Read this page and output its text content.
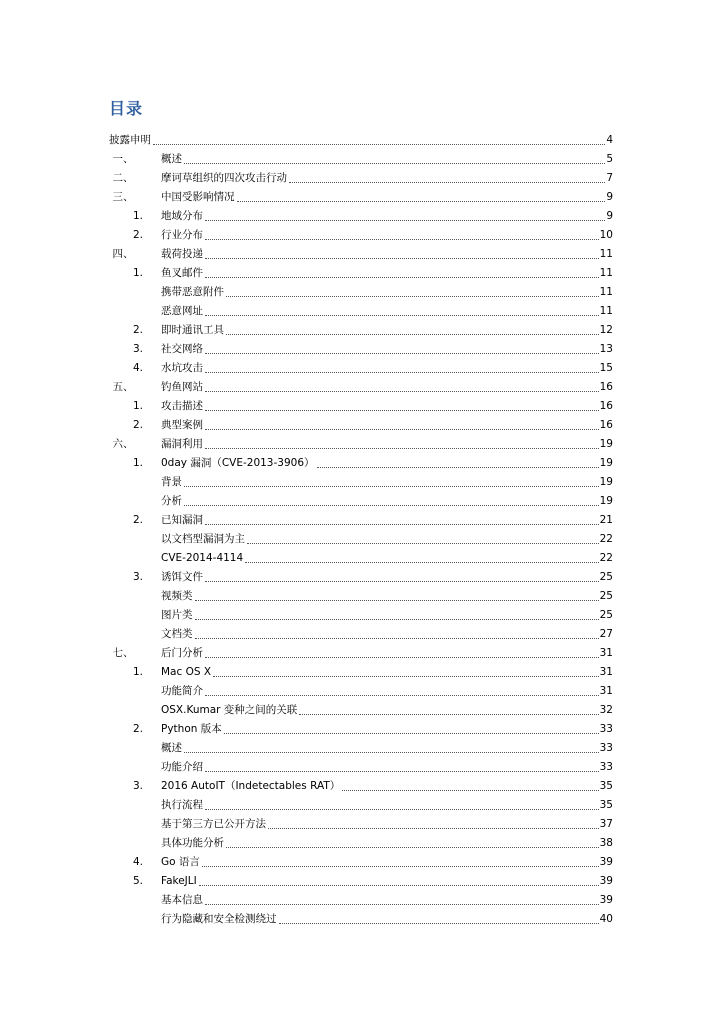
目录
披露申明	4
一、	概述	5
二、	摩诃草组织的四次攻击行动	7
三、	中国受影响情况	9
1. 地域分布	9
2. 行业分布	10
四、	载荷投递	11
1. 鱼叉邮件	11
携带恶意附件	11
恶意网址	11
2. 即时通讯工具	12
3. 社交网络	13
4. 水坑攻击	15
五、	钓鱼网站	16
1. 攻击描述	16
2. 典型案例	16
六、	漏洞利用	19
1. 0day 漏洞（CVE-2013-3906）	19
背景	19
分析	19
2. 已知漏洞	21
以文档型漏洞为主	22
CVE-2014-4114	22
3. 诱饵文件	25
视频类	25
图片类	25
文档类	27
七、	后门分析	31
1. Mac OS X	31
功能简介	31
OSX.Kumar 变种之间的关联	32
2. Python 版本	33
概述	33
功能介绍	33
3. 2016 AutoIT（Indetectables RAT）	35
执行流程	35
基于第三方已公开方法	37
具体功能分析	38
4. Go 语言	39
5. FakeJLI	39
基本信息	39
行为隐藏和安全检测绕过	40
